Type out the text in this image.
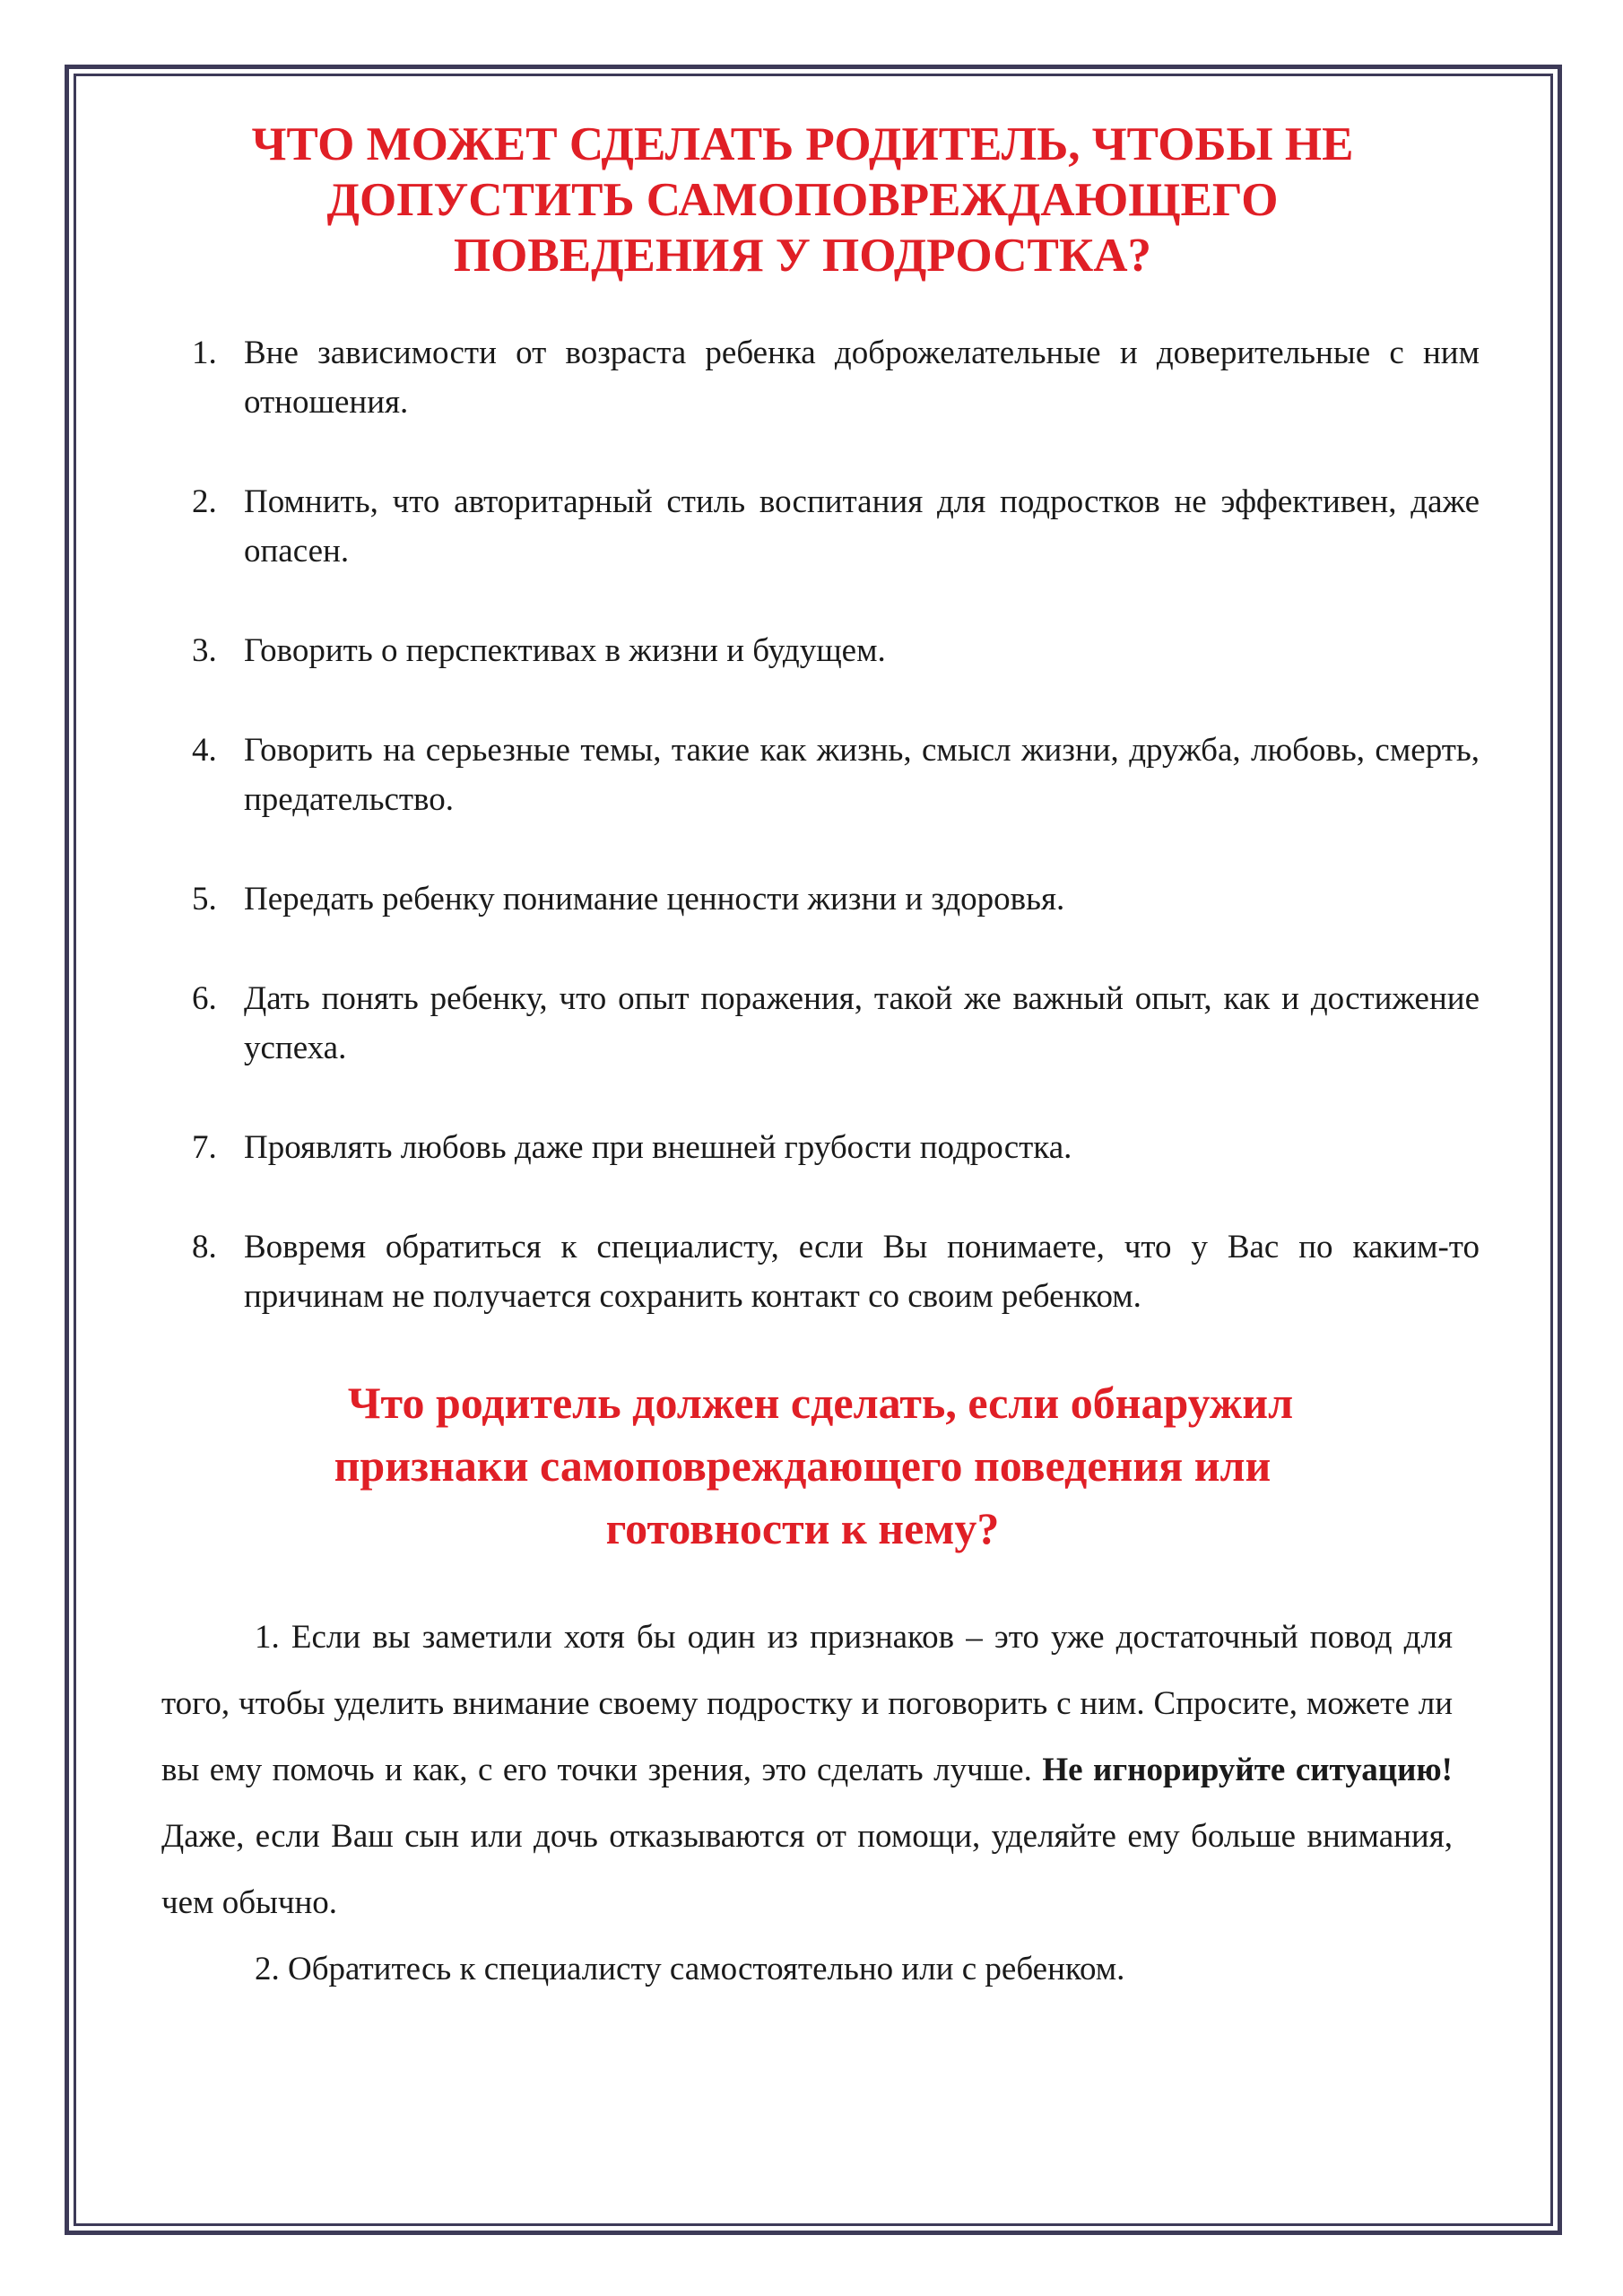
ЧТО МОЖЕТ СДЕЛАТЬ РОДИТЕЛЬ, ЧТОБЫ НЕ
ДОПУСТИТЬ САМОПОВРЕЖДАЮЩЕГО
ПОВЕДЕНИЯ У ПОДРОСТКА?
1. Вне зависимости от возраста ребенка доброжелательные и доверительные с ним отношения.
2. Помнить, что авторитарный стиль воспитания для подростков не эффективен, даже опасен.
3. Говорить о перспективах в жизни и будущем.
4. Говорить на серьезные темы, такие как жизнь, смысл жизни, дружба, любовь, смерть, предательство.
5. Передать ребенку понимание ценности жизни и здоровья.
6. Дать понять ребенку, что опыт поражения, такой же важный опыт, как и достижение успеха.
7. Проявлять любовь даже при внешней грубости подростка.
8. Вовремя обратиться к специалисту, если Вы понимаете, что у Вас по каким-то причинам не получается сохранить контакт со своим ребенком.
Что родитель должен сделать, если обнаружил
признаки самоповреждающего поведения или
готовности к нему?

1. Если вы заметили хотя бы один из признаков – это уже достаточный повод для того, чтобы уделить внимание своему подростку и поговорить с ним. Спросите, можете ли вы ему помочь и как, с его точки зрения, это сделать лучше. Не игнорируйте ситуацию! Даже, если Ваш сын или дочь отказываются от помощи, уделяйте ему больше внимания, чем обычно.

2. Обратитесь к специалисту самостоятельно или с ребенком.
